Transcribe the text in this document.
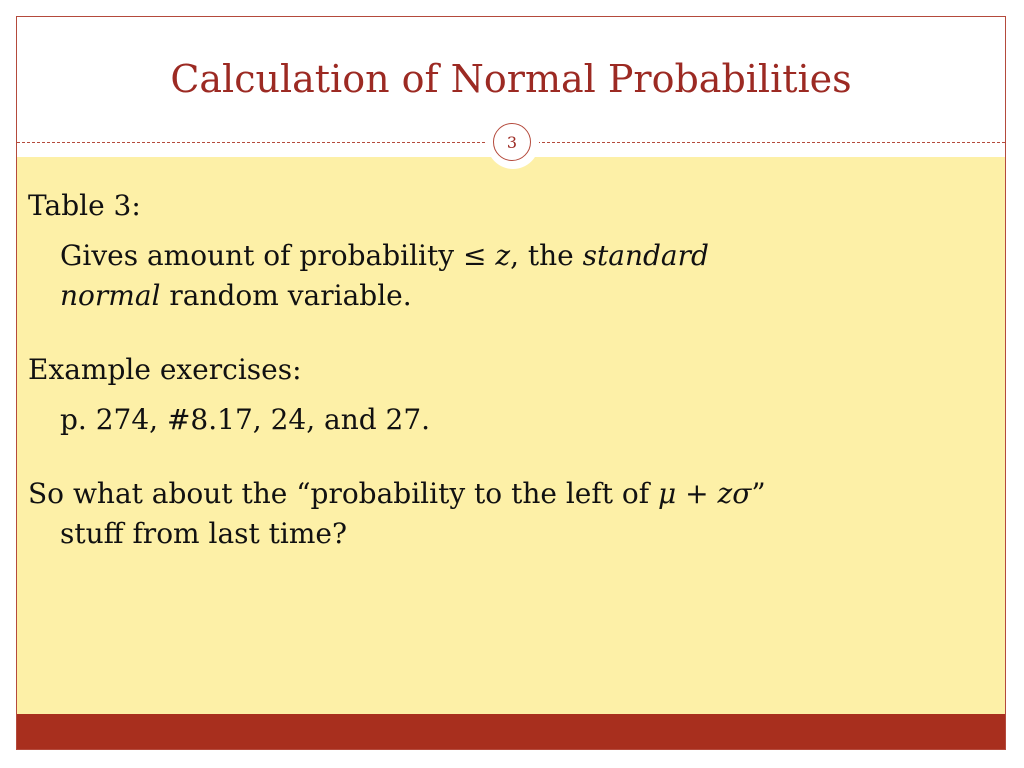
Calculation of Normal Probabilities
3

Table 3:

Gives amount of probability ≤ z, the standard

normal random variable.

Example exercises:

p. 274, #8.17, 24, and 27.

So what about the “probability to the left of μ + zσ”

stuff from last time?
